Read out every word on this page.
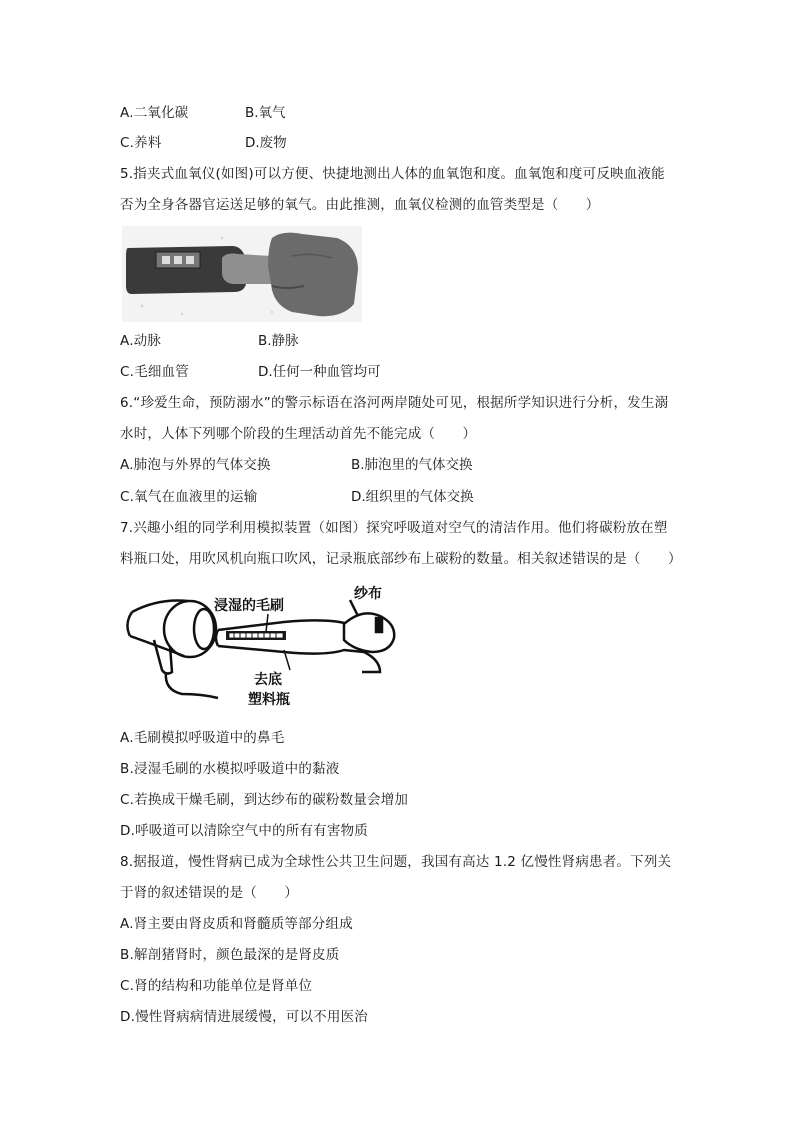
A.二氧化碳	B.氧气
C.养料	D.废物
5.指夹式血氧仪(如图)可以方便、快捷地测出人体的血氧饱和度。血氧饱和度可反映血液能
否为全身各器官运送足够的氧气。由此推测，血氧仪检测的血管类型是（　　）
A.动脉	B.静脉
C.毛细血管	D.任何一种血管均可
6.“珍爱生命，预防溺水”的警示标语在洛河两岸随处可见，根据所学知识进行分析，发生溺
水时，人体下列哪个阶段的生理活动首先不能完成（　　）
A.肺泡与外界的气体交换	B.肺泡里的气体交换
C.氧气在血液里的运输	D.组织里的气体交换
7.兴趣小组的同学利用模拟装置（如图）探究呼吸道对空气的清洁作用。他们将碳粉放在塑
料瓶口处，用吹风机向瓶口吹风，记录瓶底部纱布上碳粉的数量。相关叙述错误的是（　　）
浸湿的毛刷
纱布
去底
塑料瓶
A.毛刷模拟呼吸道中的鼻毛
B.浸湿毛刷的水模拟呼吸道中的黏液
C.若换成干燥毛刷，到达纱布的碳粉数量会增加
D.呼吸道可以清除空气中的所有有害物质
8.据报道，慢性肾病已成为全球性公共卫生问题，我国有高达 1.2 亿慢性肾病患者。下列关
于肾的叙述错误的是（　　）
A.肾主要由肾皮质和肾髓质等部分组成
B.解剖猪肾时，颜色最深的是肾皮质
C.肾的结构和功能单位是肾单位
D.慢性肾病病情进展缓慢，可以不用医治
